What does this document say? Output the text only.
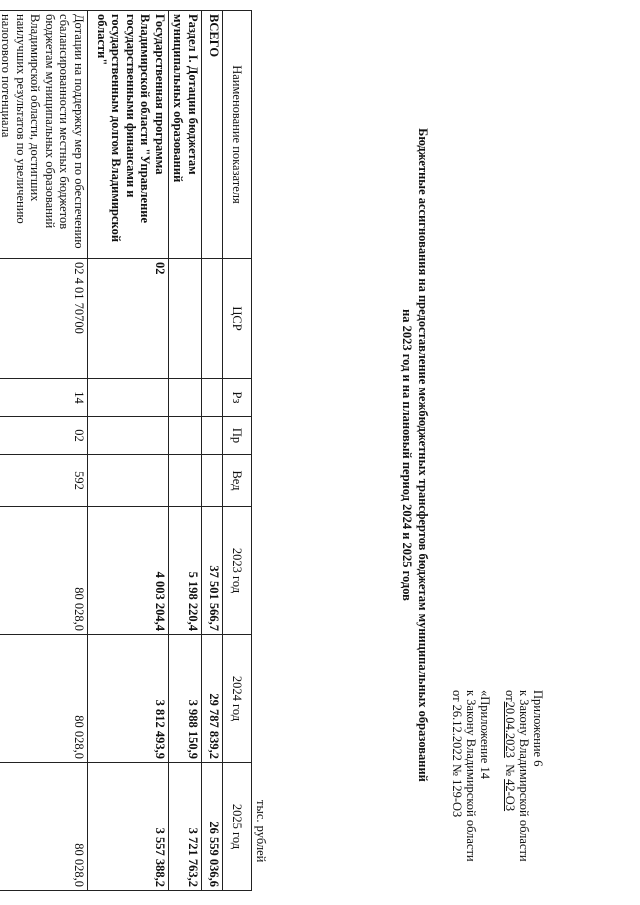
Приложение 6
к Закону Владимирской области
от20.04.2023  № 42-ОЗ
«Приложение 14
к Закону Владимирской области
от 26.12.2022 № 129-ОЗ
Бюджетные ассигнования на предоставление межбюджетных трансфертов бюджетам муниципальных образований
на 2023 год и на плановый период 2024 и 2025 годов
тыс. рублей
Наименование показателя	ЦСР	Рз	Пр	Вед	2023 год	2024 год	2025 год
ВСЕГО					37 501 566,7	29 787 839,2	26 559 036,6
Раздел I. Дотации бюджетам муниципальных образований					5 198 220,4	3 988 150,9	3 721 763,2
Государственная программа Владимирской области "Управление государственными финансами и государственным долгом Владимирской области"	02				4 003 204,4	3 812 493,9	3 557 388,2
Дотации на поддержку мер по обеспечению сбалансированности местных бюджетов бюджетам муниципальных образований Владимирской области, достигших наилучших результатов по увеличению налогового потенциала	02 4 01 70700	14	02	592	80 028,0	80 028,0	80 028,0
